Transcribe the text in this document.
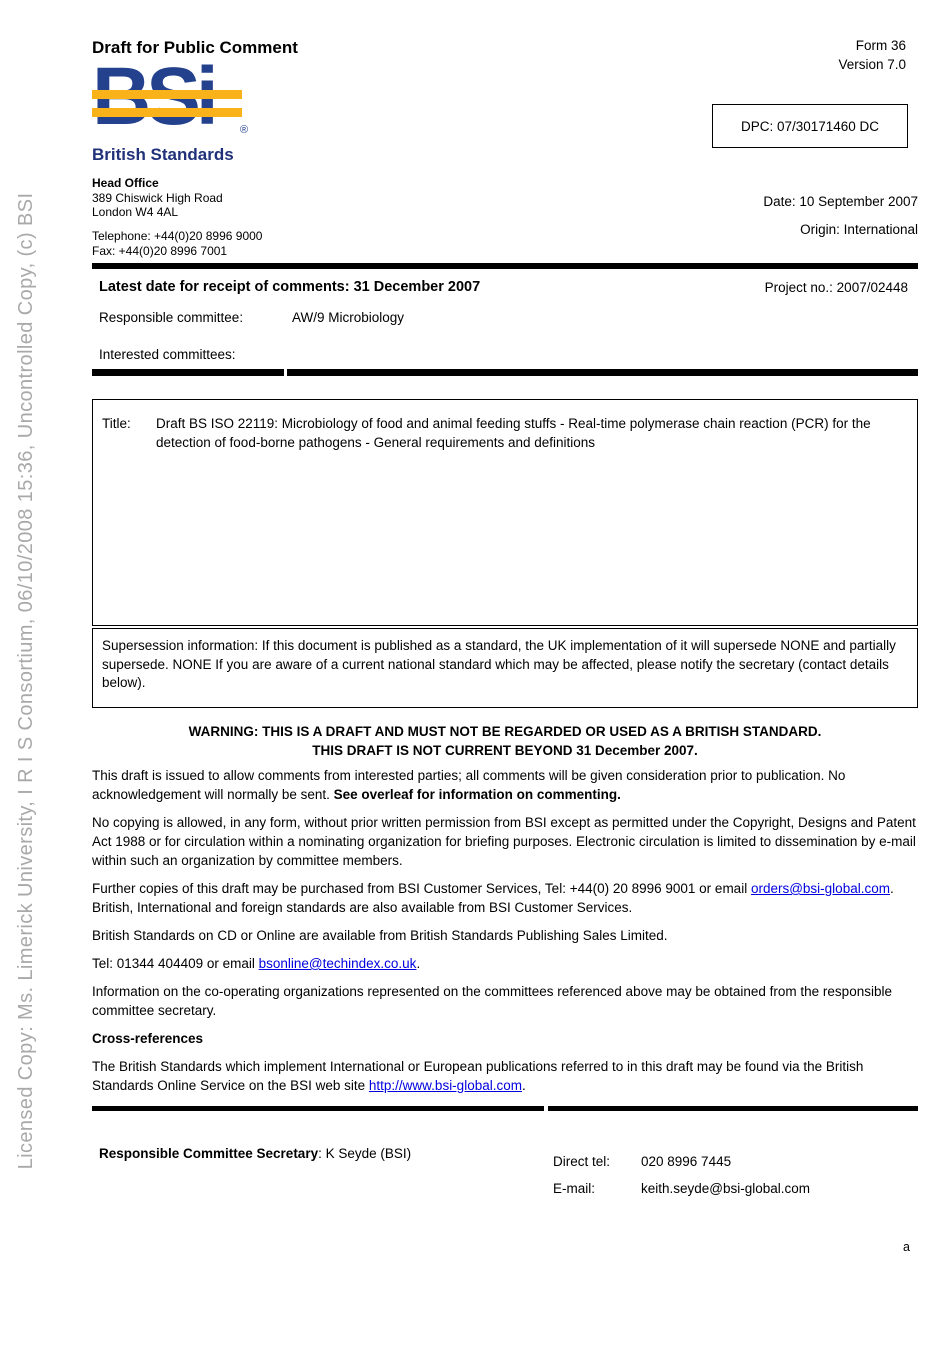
Licensed Copy: Ms. Limerick University, I R I S Consortium, 06/10/2008 15:36, Uncontrolled Copy, (c) BSI
Draft for Public Comment	Form 36
Version 7.0
®
British Standards
DPC: 07/30171460 DC
Head Office
389 Chiswick High Road
London W4 4AL
Telephone: +44(0)20 8996 9000
Fax: +44(0)20 8996 7001
Date: 10 September 2007
Origin: International
Latest date for receipt of comments: 31 December 2007	Project no.: 2007/02448
Responsible committee:	AW/9 Microbiology
Interested committees:
Title:	Draft BS ISO 22119: Microbiology of food and animal feeding stuffs - Real-time polymerase chain reaction (PCR) for the detection of food-borne pathogens - General requirements and definitions
Supersession information: If this document is published as a standard, the UK implementation of it will supersede NONE and partially supersede. NONE If you are aware of a current national standard which may be affected, please notify the secretary (contact details below).
WARNING: THIS IS A DRAFT AND MUST NOT BE REGARDED OR USED AS A BRITISH STANDARD.
THIS DRAFT IS NOT CURRENT BEYOND 31 December 2007.

This draft is issued to allow comments from interested parties; all comments will be given consideration prior to publication. No acknowledgement will normally be sent. See overleaf for information on commenting.

No copying is allowed, in any form, without prior written permission from BSI except as permitted under the Copyright, Designs and Patent Act 1988 or for circulation within a nominating organization for briefing purposes. Electronic circulation is limited to dissemination by e-mail within such an organization by committee members.

Further copies of this draft may be purchased from BSI Customer Services, Tel: +44(0) 20 8996 9001 or email orders@bsi-global.com. British, International and foreign standards are also available from BSI Customer Services.

British Standards on CD or Online are available from British Standards Publishing Sales Limited.

Tel: 01344 404409 or email bsonline@techindex.co.uk.

Information on the co-operating organizations represented on the committees referenced above may be obtained from the responsible committee secretary.

Cross-references

The British Standards which implement International or European publications referred to in this draft may be found via the British Standards Online Service on the BSI web site http://www.bsi-global.com.

Responsible Committee Secretary: K Seyde (BSI)
Direct tel: 020 8996 7445
E-mail:	keith.seyde@bsi-global.com
a
